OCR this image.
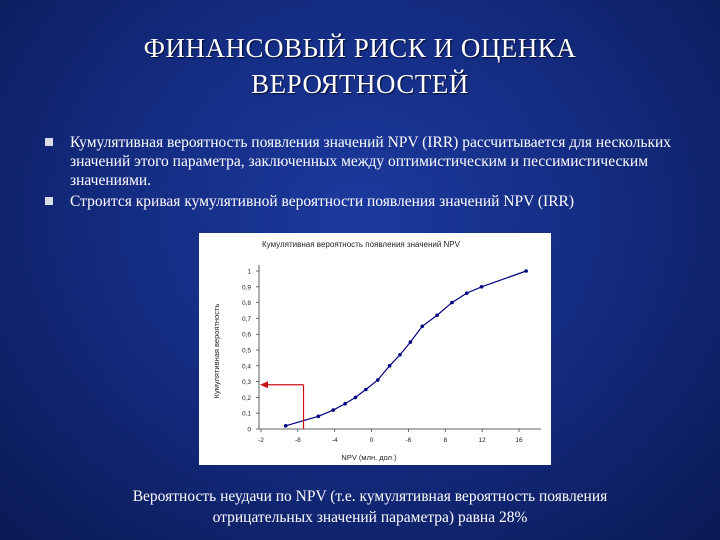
ФИНАНСОВЫЙ РИСК И ОЦЕНКА
ВЕРОЯТНОСТЕЙ
Кумулятивная вероятность появления значений NPV (IRR) рассчитывается для нескольких значений этого параметра, заключенных между оптимистическим и пессимистическим значениями.
Строится кривая кумулятивной вероятности появления значений NPV (IRR)
Кумулятивная вероятность появления значений NPV
0
0,1
0,2
0,3
0,4
0,5
0,6
0,7
0,8
0,9
1
-2	-8	-4	0	-6	8	12	16
NPV (млн. дол.)
Кумулятивная вероятность
Вероятность неудачи по NPV (т.е. кумулятивная вероятность появления
отрицательных значений параметра) равна 28%
